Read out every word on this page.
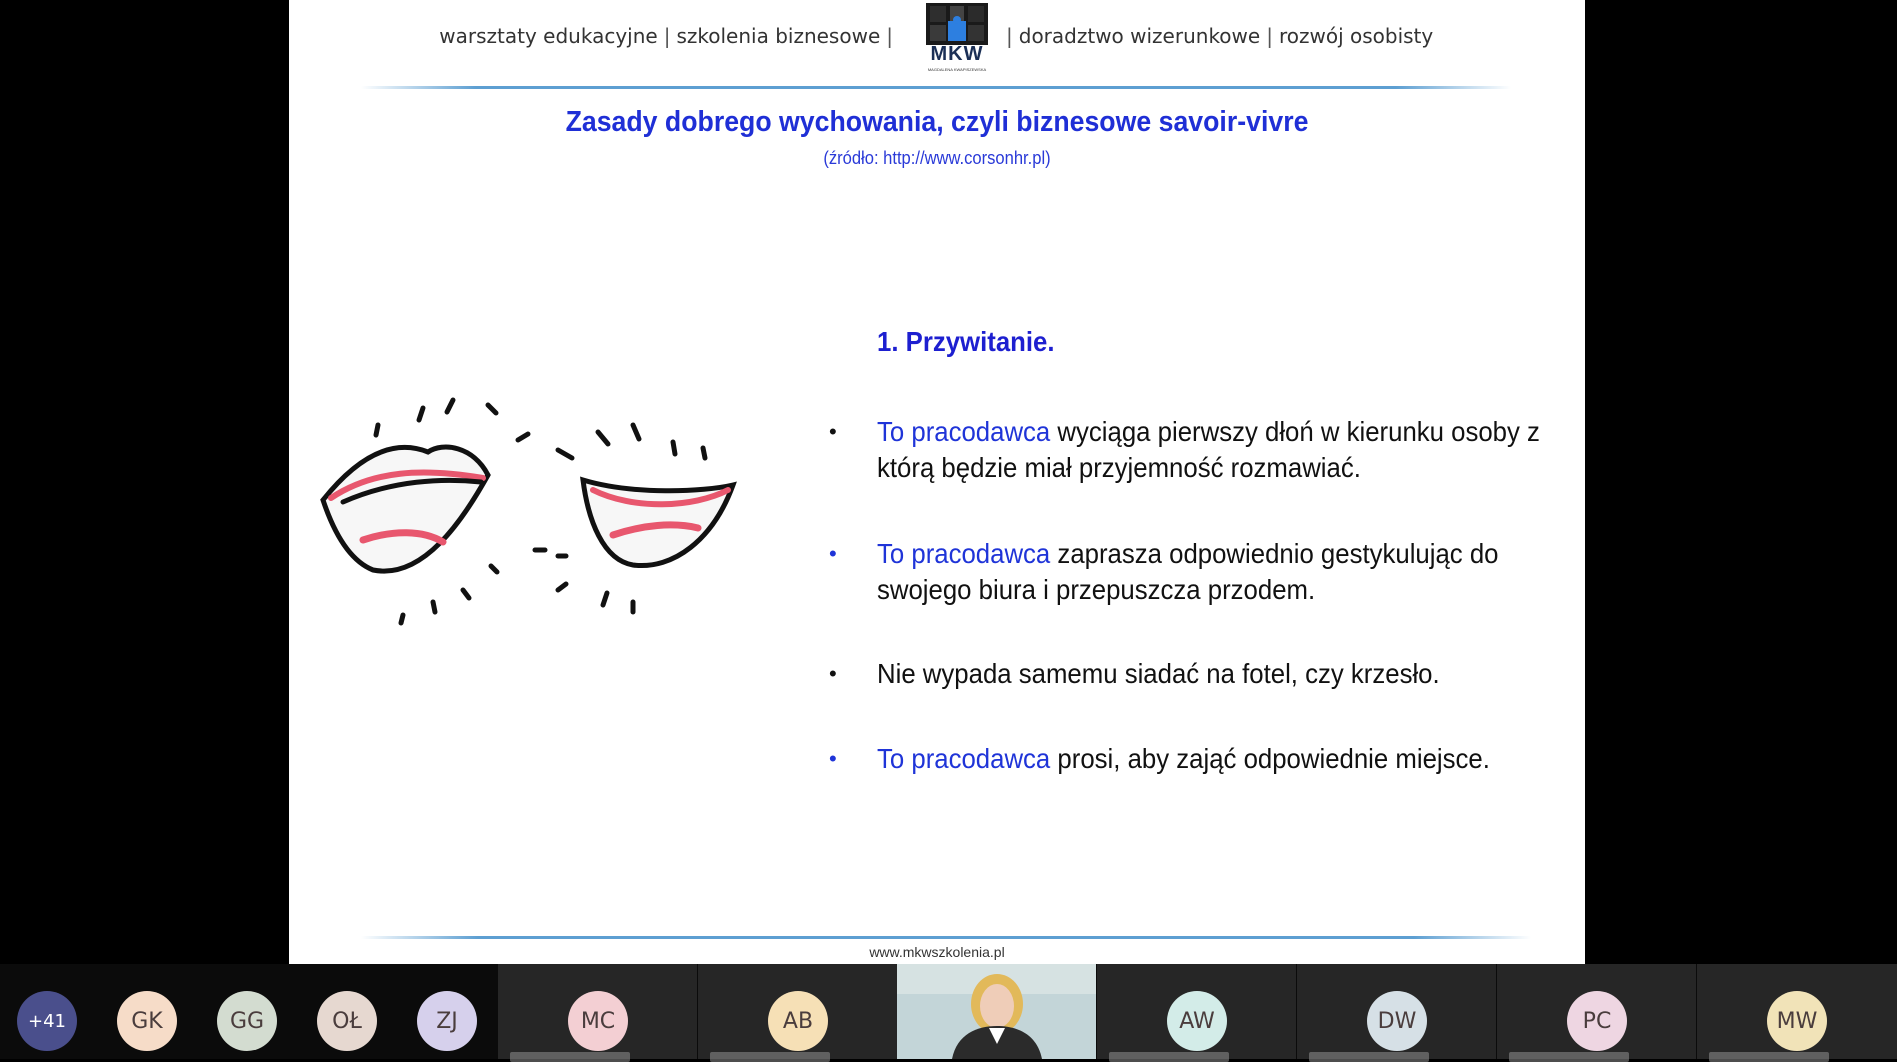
warsztaty edukacyjne | szkolenia biznesowe |
MKW
MAGDALENA KWAPISZEWSKA
| doradztwo wizerunkowe | rozwój osobisty
Zasady dobrego wychowania, czyli biznesowe savoir-vivre
(źródło: http://www.corsonhr.pl)
1. Przywitanie.
• To pracodawca wyciąga pierwszy dłoń w kierunku osoby z którą będzie miał przyjemność rozmawiać.
• To pracodawca zaprasza odpowiednio gestykulując do swojego biura i przepuszcza przodem.
• Nie wypada samemu siadać na fotel, czy krzesło.
• To pracodawca prosi, aby zająć odpowiednie miejsce.
www.mkwszkolenia.pl
+41	GK	GG	OŁ	ZJ	MC	AB	AW	DW	PC	MW
